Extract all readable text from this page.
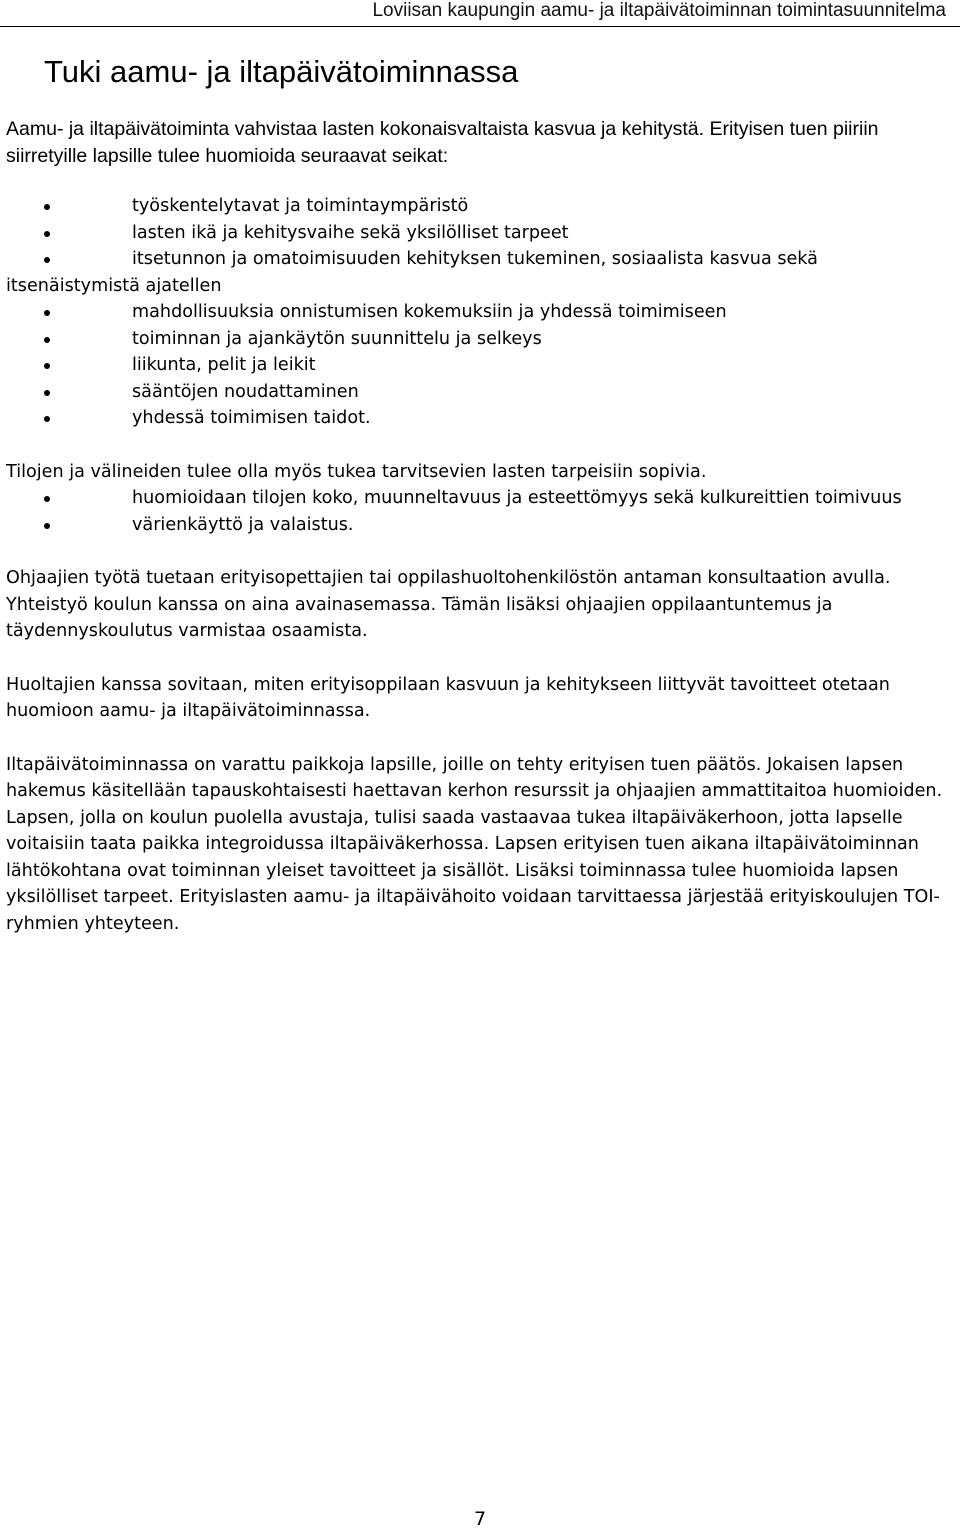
Loviisan kaupungin aamu- ja iltapäivätoiminnan toimintasuunnitelma
Tuki aamu- ja iltapäivätoiminnassa

Aamu- ja iltapäivätoiminta vahvistaa lasten kokonaisvaltaista kasvua ja kehitystä. Erityisen tuen piiriin siirretyille lapsille tulee huomioida seuraavat seikat:

työskentelytavat ja toimintaympäristö
lasten ikä ja kehitysvaihe sekä yksilölliset tarpeet
itsetunnon ja omatoimisuuden kehityksen tukeminen, sosiaalista kasvua sekä itsenäistymistä ajatellen
mahdollisuuksia onnistumisen kokemuksiin ja yhdessä toimimiseen
toiminnan ja ajankäytön suunnittelu ja selkeys
liikunta, pelit ja leikit
sääntöjen noudattaminen
yhdessä toimimisen taidot.

Tilojen ja välineiden tulee olla myös tukea tarvitsevien lasten tarpeisiin sopivia.

huomioidaan tilojen koko, muunneltavuus ja esteettömyys sekä kulkureittien toimivuus
värienkäyttö ja valaistus.

Ohjaajien työtä tuetaan erityisopettajien tai oppilashuoltohenkilöstön antaman konsultaation avulla. Yhteistyö koulun kanssa on aina avainasemassa. Tämän lisäksi ohjaajien oppilaantuntemus ja täydennyskoulutus varmistaa osaamista.

Huoltajien kanssa sovitaan, miten erityisoppilaan kasvuun ja kehitykseen liittyvät tavoitteet otetaan huomioon aamu- ja iltapäivätoiminnassa.

Iltapäivätoiminnassa on varattu paikkoja lapsille, joille on tehty erityisen tuen päätös. Jokaisen lapsen hakemus käsitellään tapauskohtaisesti haettavan kerhon resurssit ja ohjaajien ammattitaitoa huomioiden. Lapsen, jolla on koulun puolella avustaja, tulisi saada vastaavaa tukea iltapäiväkerhoon, jotta lapselle voitaisiin taata paikka integroidussa iltapäiväkerhossa. Lapsen erityisen tuen aikana iltapäivätoiminnan lähtökohtana ovat toiminnan yleiset tavoitteet ja sisällöt. Lisäksi toiminnassa tulee huomioida lapsen yksilölliset tarpeet. Erityislasten aamu- ja iltapäivähoito voidaan tarvittaessa järjestää erityiskoulujen TOI-ryhmien yhteyteen.

7
